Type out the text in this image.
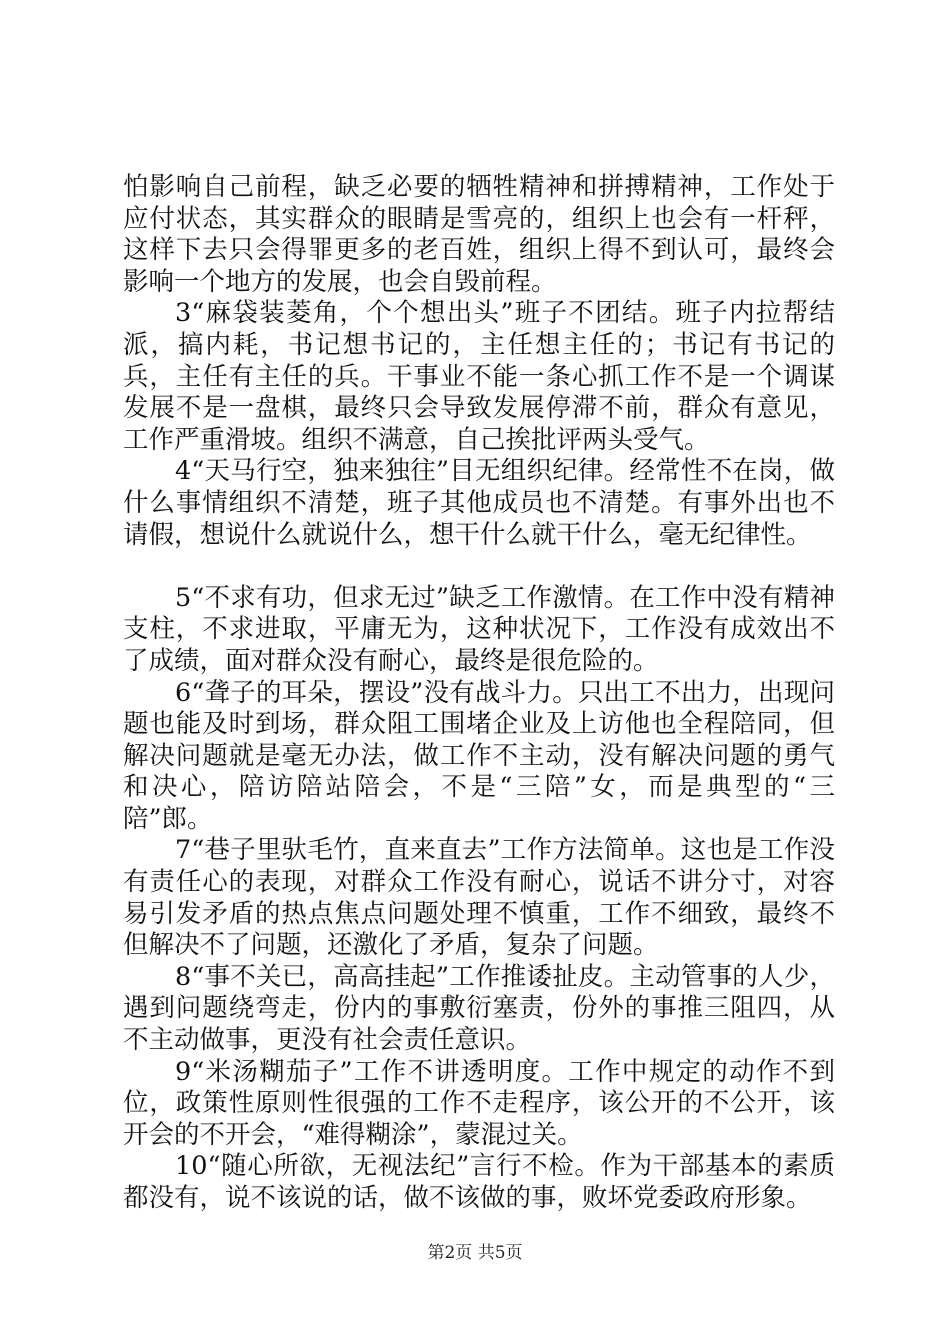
怕影响自己前程，缺乏必要的牺牲精神和拼搏精神，工作处于应付状态，其实群众的眼睛是雪亮的，组织上也会有一杆秤，这样下去只会得罪更多的老百姓，组织上得不到认可，最终会影响一个地方的发展，也会自毁前程。

3“麻袋装菱角，个个想出头”班子不团结。班子内拉帮结派，搞内耗，书记想书记的，主任想主任的；书记有书记的兵，主任有主任的兵。干事业不能一条心抓工作不是一个调谋发展不是一盘棋，最终只会导致发展停滞不前，群众有意见，工作严重滑坡。组织不满意，自己挨批评两头受气。

4“天马行空，独来独往”目无组织纪律。经常性不在岗，做什么事情组织不清楚，班子其他成员也不清楚。有事外出也不请假，想说什么就说什么，想干什么就干什么，毫无纪律性。

5“不求有功，但求无过”缺乏工作激情。在工作中没有精神支柱，不求进取，平庸无为，这种状况下，工作没有成效出不了成绩，面对群众没有耐心，最终是很危险的。

6“聋子的耳朵，摆设”没有战斗力。只出工不出力，出现问题也能及时到场，群众阻工围堵企业及上访他也全程陪同，但解决问题就是毫无办法，做工作不主动，没有解决问题的勇气和决心，陪访陪站陪会，不是“三陪”女，而是典型的“三陪”郎。

7“巷子里驮毛竹，直来直去”工作方法简单。这也是工作没有责任心的表现，对群众工作没有耐心，说话不讲分寸，对容易引发矛盾的热点焦点问题处理不慎重，工作不细致，最终不但解决不了问题，还激化了矛盾，复杂了问题。

8“事不关已，高高挂起”工作推诿扯皮。主动管事的人少，遇到问题绕弯走，份内的事敷衍塞责，份外的事推三阻四，从不主动做事，更没有社会责任意识。

9“米汤糊茄子”工作不讲透明度。工作中规定的动作不到位，政策性原则性很强的工作不走程序，该公开的不公开，该开会的不开会，“难得糊涂”，蒙混过关。

10“随心所欲，无视法纪”言行不检。作为干部基本的素质都没有，说不该说的话，做不该做的事，败坏党委政府形象。

第2页 共5页
